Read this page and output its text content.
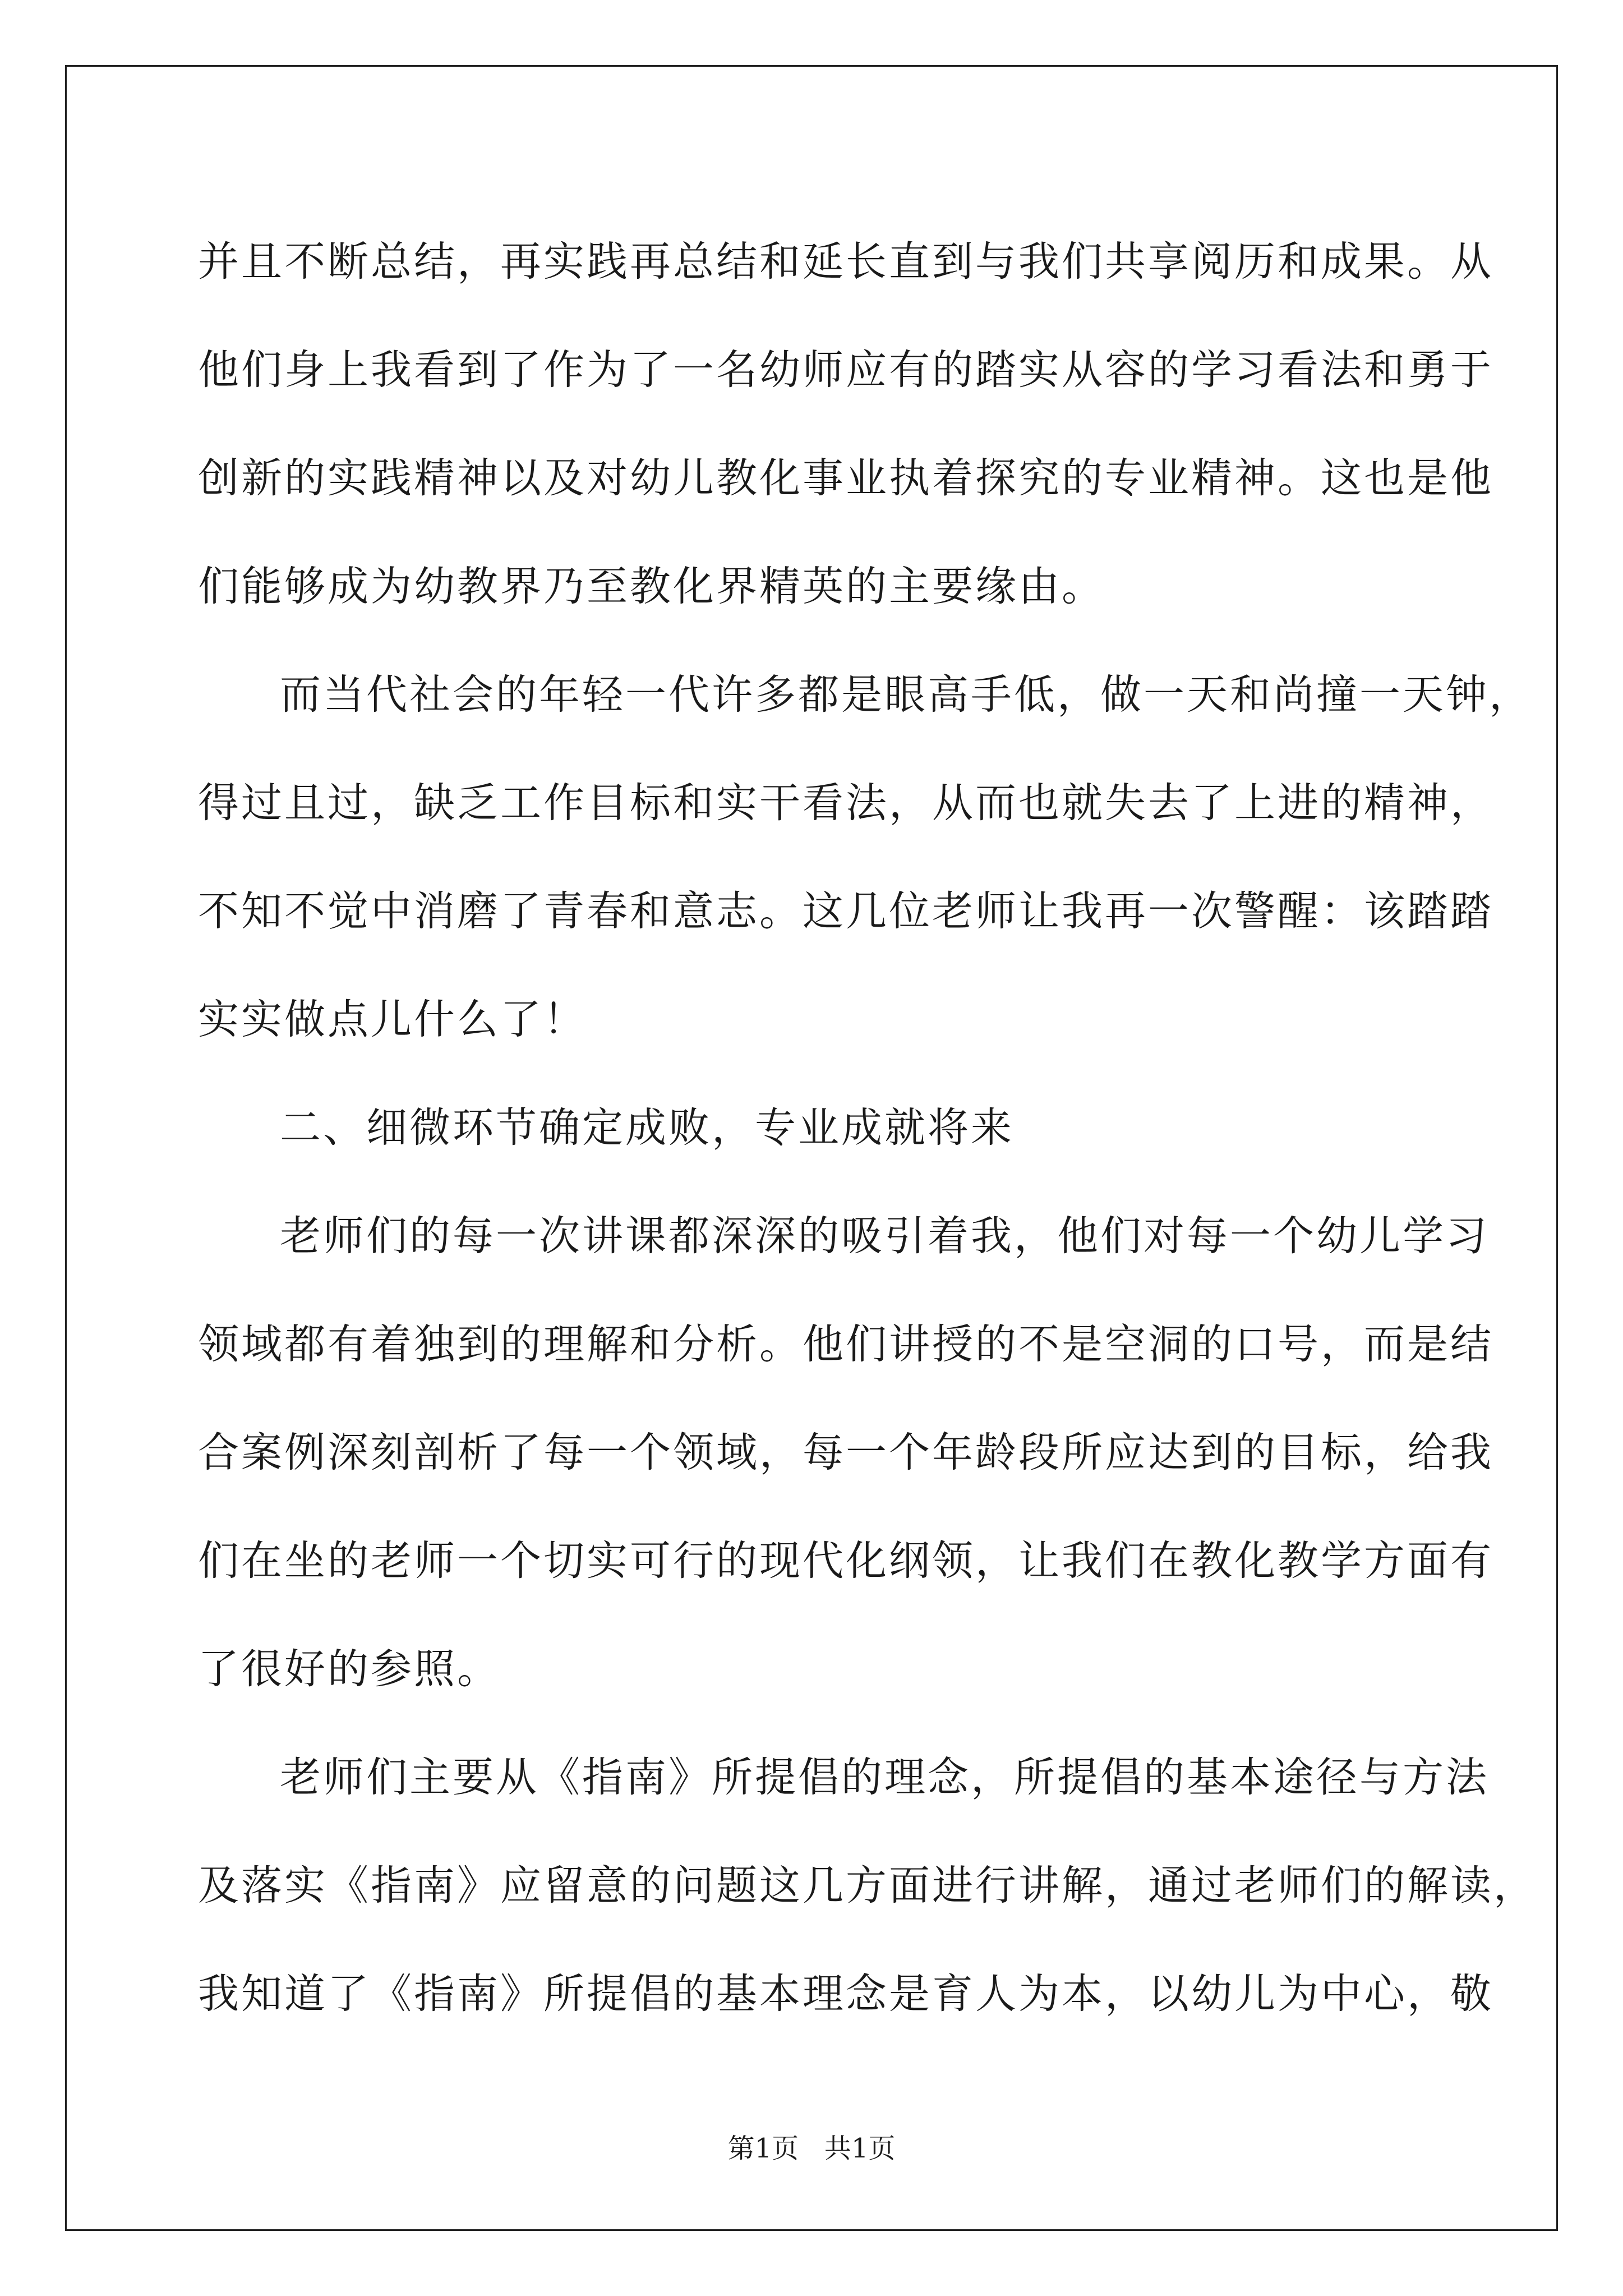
并且不断总结，再实践再总结和延长直到与我们共享阅历和成果。从
他们身上我看到了作为了一名幼师应有的踏实从容的学习看法和勇于
创新的实践精神以及对幼儿教化事业执着探究的专业精神。这也是他
们能够成为幼教界乃至教化界精英的主要缘由。
而当代社会的年轻一代许多都是眼高手低，做一天和尚撞一天钟，
得过且过，缺乏工作目标和实干看法，从而也就失去了上进的精神，
不知不觉中消磨了青春和意志。这几位老师让我再一次警醒：该踏踏
实实做点儿什么了！
二、细微环节确定成败，专业成就将来
老师们的每一次讲课都深深的吸引着我，他们对每一个幼儿学习
领域都有着独到的理解和分析。他们讲授的不是空洞的口号，而是结
合案例深刻剖析了每一个领域，每一个年龄段所应达到的目标，给我
们在坐的老师一个切实可行的现代化纲领，让我们在教化教学方面有
了很好的参照。
老师们主要从《指南》所提倡的理念，所提倡的基本途径与方法
及落实《指南》应留意的问题这几方面进行讲解，通过老师们的解读，
我知道了《指南》所提倡的基本理念是育人为本，以幼儿为中心，敬
第1页   共1页
